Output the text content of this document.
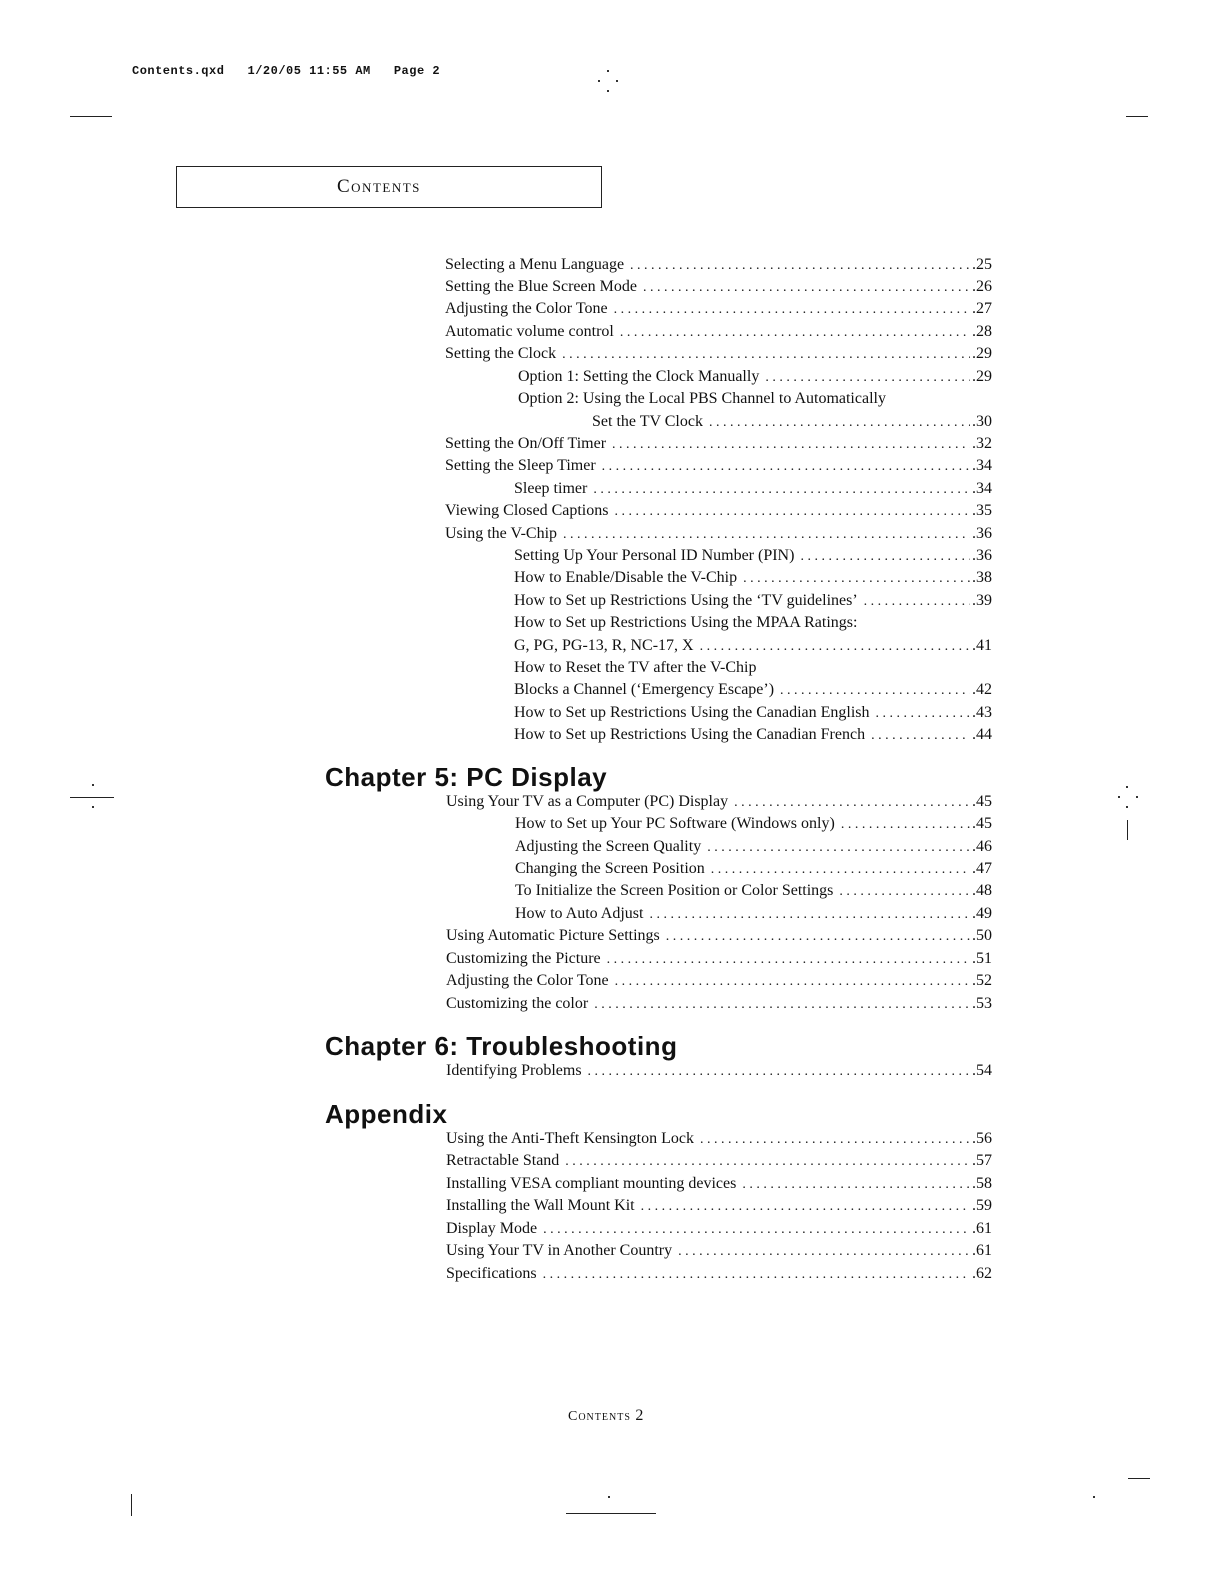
Contents.qxd   1/20/05 11:55 AM   Page 2
Contents
Selecting a Menu Language . . .	.25
Setting the Blue Screen Mode . . .	.26
Adjusting the Color Tone . . .	.27
Automatic volume control . . .	.28
Setting the Clock . . .	.29
Option 1: Setting the Clock Manually . . .	.29
Option 2: Using the Local PBS Channel to Automatically
Set the TV Clock . . .	.30
Setting the On/Off Timer . . .	.32
Setting the Sleep Timer . . .	.34
Sleep timer . . .	.34
Viewing Closed Captions . . .	.35
Using the V-Chip . . .	.36
Setting Up Your Personal ID Number (PIN) . . .	.36
How to Enable/Disable the V-Chip . . .	.38
How to Set up Restrictions Using the ‘TV guidelines’ . . .	.39
How to Set up Restrictions Using the MPAA Ratings:
G, PG, PG-13, R, NC-17, X . . .	.41
How to Reset the TV after the V-Chip
Blocks a Channel (‘Emergency Escape’) . . .	.42
How to Set up Restrictions Using the Canadian English . . .	.43
How to Set up Restrictions Using the Canadian French . . .	.44
Chapter 5: PC Display
Using Your TV as a Computer (PC) Display . . .	.45
How to Set up Your PC Software (Windows only) . . .	.45
Adjusting the Screen Quality . . .	.46
Changing the Screen Position . . .	.47
To Initialize the Screen Position or Color Settings . . .	.48
How to Auto Adjust . . .	.49
Using Automatic Picture Settings . . .	.50
Customizing the Picture . . .	.51
Adjusting the Color Tone . . .	.52
Customizing the color . . .	.53
Chapter 6: Troubleshooting
Identifying Problems . . .	.54
Appendix
Using the Anti-Theft Kensington Lock . . .	.56
Retractable Stand . . .	.57
Installing VESA compliant mounting devices . . .	.58
Installing the Wall Mount Kit . . .	.59
Display Mode . . .	.61
Using Your TV in Another Country . . .	.61
Specifications . . .	.62
Contents 2
